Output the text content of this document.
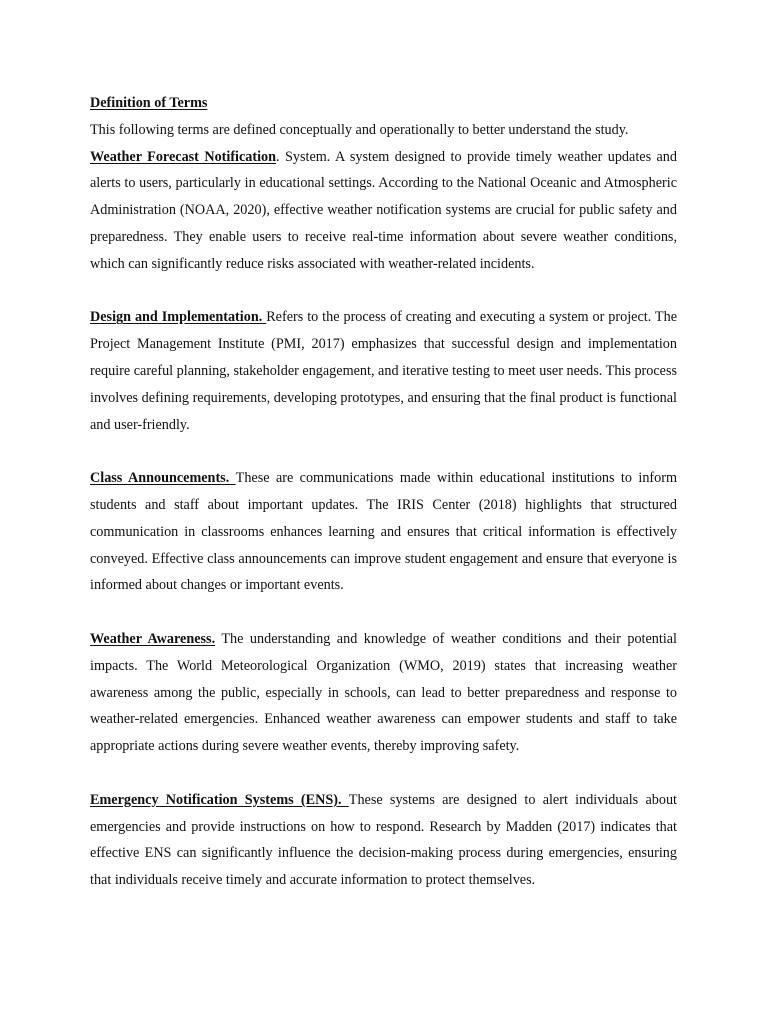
Definition of Terms

This following terms are defined conceptually and operationally to better understand the study.

Weather Forecast Notification. System. A system designed to provide timely weather updates and alerts to users, particularly in educational settings. According to the National Oceanic and Atmospheric Administration (NOAA, 2020), effective weather notification systems are crucial for public safety and preparedness. They enable users to receive real-time information about severe weather conditions, which can significantly reduce risks associated with weather-related incidents.

Design and Implementation. Refers to the process of creating and executing a system or project. The Project Management Institute (PMI, 2017) emphasizes that successful design and implementation require careful planning, stakeholder engagement, and iterative testing to meet user needs. This process involves defining requirements, developing prototypes, and ensuring that the final product is functional and user-friendly.

Class Announcements. These are communications made within educational institutions to inform students and staff about important updates. The IRIS Center (2018) highlights that structured communication in classrooms enhances learning and ensures that critical information is effectively conveyed. Effective class announcements can improve student engagement and ensure that everyone is informed about changes or important events.

Weather Awareness. The understanding and knowledge of weather conditions and their potential impacts. The World Meteorological Organization (WMO, 2019) states that increasing weather awareness among the public, especially in schools, can lead to better preparedness and response to weather-related emergencies. Enhanced weather awareness can empower students and staff to take appropriate actions during severe weather events, thereby improving safety.

Emergency Notification Systems (ENS). These systems are designed to alert individuals about emergencies and provide instructions on how to respond. Research by Madden (2017) indicates that effective ENS can significantly influence the decision-making process during emergencies, ensuring that individuals receive timely and accurate information to protect themselves.
